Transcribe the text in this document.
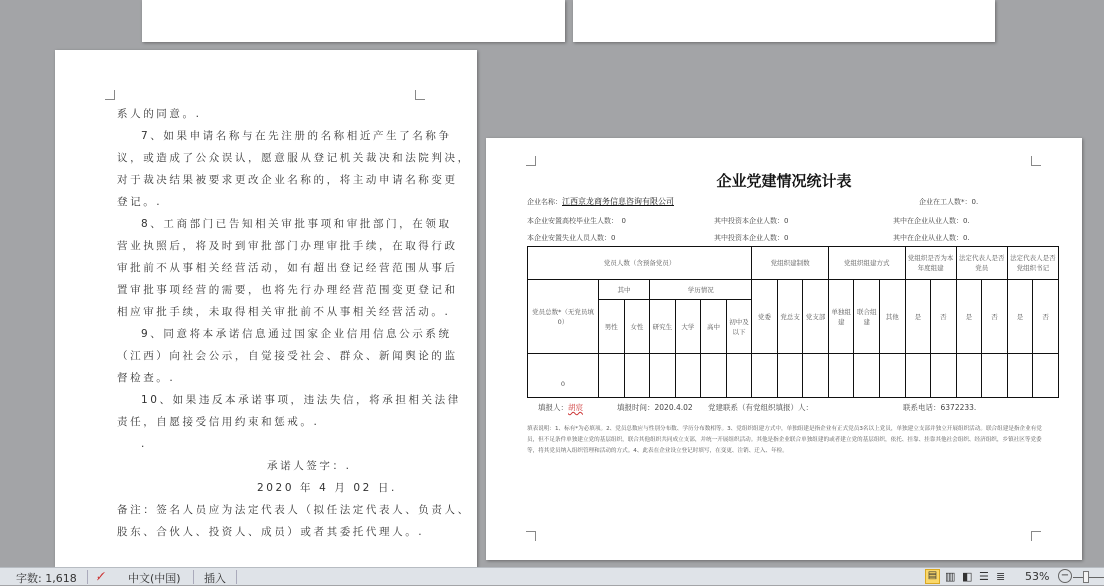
系人的同意。.

7、如果申请名称与在先注册的名称相近产生了名称争

议，或造成了公众误认，愿意服从登记机关裁决和法院判决，

对于裁决结果被要求更改企业名称的，将主动申请名称变更

登记。.

8、工商部门已告知相关审批事项和审批部门，在领取

营业执照后，将及时到审批部门办理审批手续，在取得行政

审批前不从事相关经营活动，如有超出登记经营范围从事后

置审批事项经营的需要，也将先行办理经营范围变更登记和

相应审批手续，未取得相关审批前不从事相关经营活动。.

9、同意将本承诺信息通过国家企业信用信息公示系统

（江西）向社会公示，自觉接受社会、群众、新闻舆论的监

督检查。.

10、如果违反本承诺事项，违法失信，将承担相关法律

责任，自愿接受信用约束和惩戒。.

.

承诺人签字：.

2020 年 4 月 02 日.

备注：签名人员应为法定代表人（拟任法定代表人、负责人、

股东、合伙人、投资人、成员）或者其委托代理人。.

企业党建情况统计表
企业名称：江西京龙商务信息咨询有限公司	企业在工人数*：0.
本企业安置高校毕业生人数：　0	其中投资本企业人数：0	其中在企业从业人数：0.
本企业安置失业人员人数：0	其中投资本企业人数：0	其中在企业从业人数：0.
党员人数（含预备党员）							党组织建制数			党组织组建方式			党组织是否为本年度组建		法定代表人是否党员		法定代表人是否党组织书记	
党员总数*（无党员填 0）	其中		学历情况				党委	党总支	党支部	单独组建	联合组建	其他	是	否	是	否	是	否
	男性	女性	研究生	大学	高中	初中及以下												
0																		
填报人：胡宸	填报时间：2020.4.02 党建联系（有党组织填报）人：	联系电话：6372233.
填表说明：1、标有*为必填项。2、党员总数应与性别分布数、学历分布数相等。3、党组织组建方式中，单独组建是指企业有正式党员3名以上党员，单独建立支部并独立开展组织活动。联合组建是指企业有党员，但不足条件单独建立党的基层组织，联合其他组织共同成立支部，并统一开展组织活动。其他是指企业联合单独组建的或者建立党的基层组织，依托、挂靠、挂靠其他社会组织、经济组织，乡镇社区等党委等，将其党员纳入组织管理和活动的方式。4、此表在企业设立登记时填写，在变更、注销、迁入、年检。
字数: 1,618 ✓̸ 中文(中国) 插入	▤ ▥ ◧ ☰ ≣ 53% −
